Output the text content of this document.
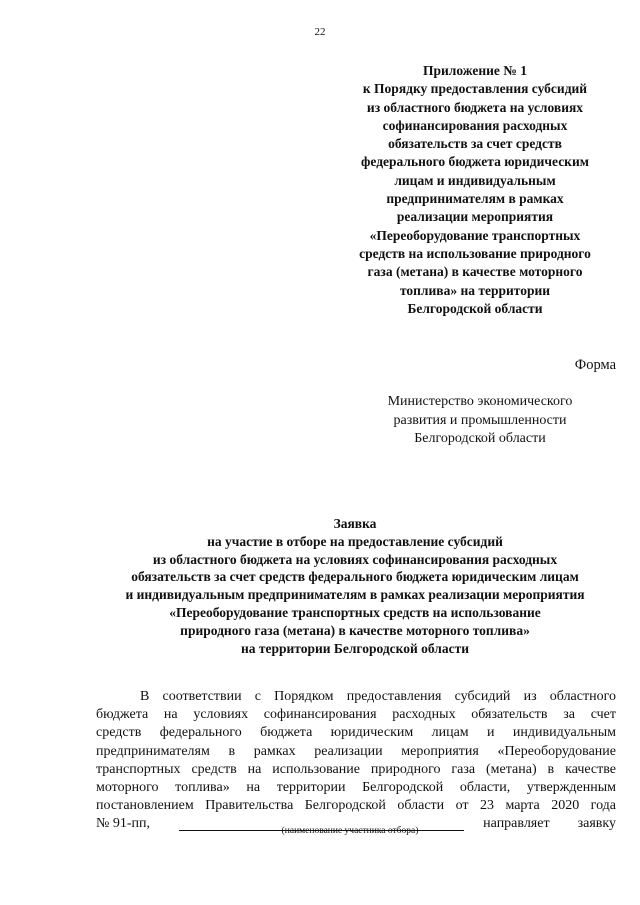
22
Приложение № 1
к Порядку предоставления субсидий
из областного бюджета на условиях
софинансирования расходных
обязательств за счет средств
федерального бюджета юридическим
лицам и индивидуальным
предпринимателям в рамках
реализации мероприятия
«Переоборудование транспортных
средств на использование природного
газа (метана) в качестве моторного
топлива» на территории
Белгородской области
Форма
Министерство экономического
развития и промышленности
Белгородской области
Заявка
на участие в отборе на предоставление субсидий
из областного бюджета на условиях софинансирования расходных
обязательств за счет средств федерального бюджета юридическим лицам
и индивидуальным предпринимателям в рамках реализации мероприятия
«Переоборудование транспортных средств на использование
природного газа (метана) в качестве моторного топлива»
на территории Белгородской области
В соответствии с Порядком предоставления субсидий из областного
бюджета на условиях софинансирования расходных обязательств за счет
средств федерального бюджета юридическим лицам и индивидуальным
предпринимателям в рамках реализации мероприятия «Переоборудование
транспортных средств на использование природного газа (метана) в качестве
моторного топлива» на территории Белгородской области, утвержденным
постановлением Правительства Белгородской области от 23 марта 2020 года
№ 91-пп,	направляет заявку
(наименование участника отбора)
